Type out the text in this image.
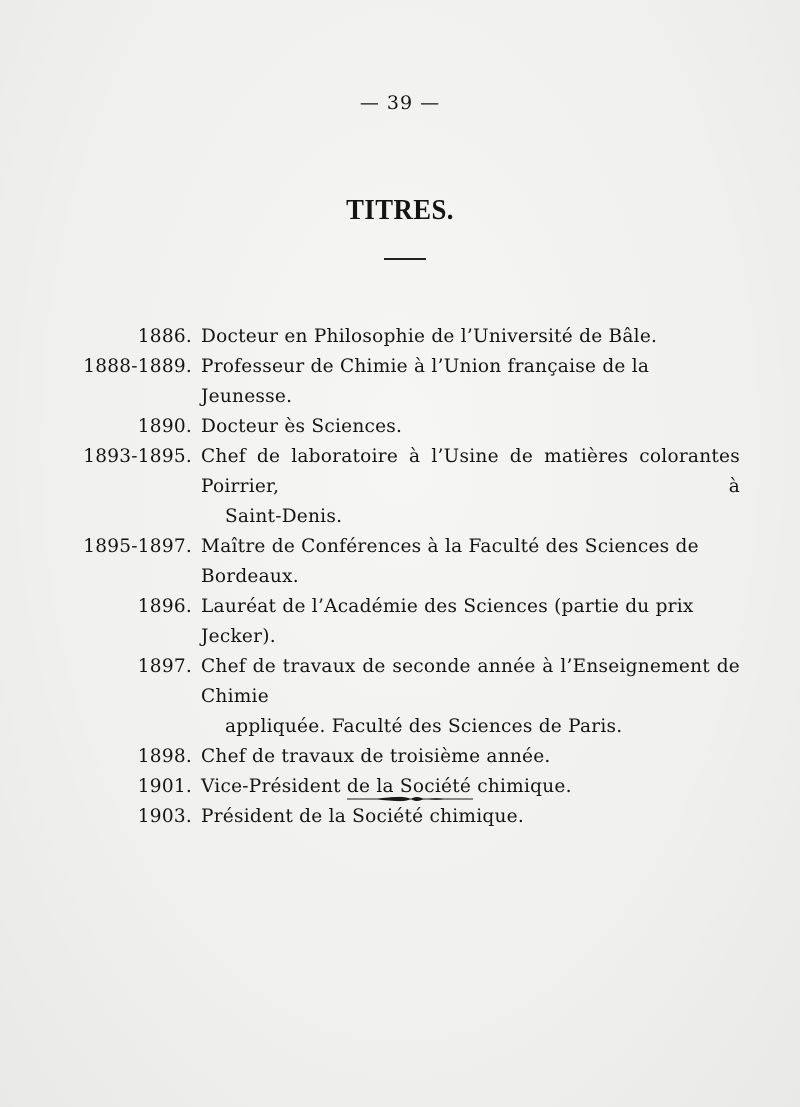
— 39 —
TITRES.
1886. Docteur en Philosophie de l’Université de Bâle.
1888-1889. Professeur de Chimie à l’Union française de la Jeunesse.
1890. Docteur ès Sciences.
1893-1895. Chef de laboratoire à l’Usine de matières colorantes Poirrier, à
Saint-Denis.
1895-1897. Maître de Conférences à la Faculté des Sciences de Bordeaux.
1896. Lauréat de l’Académie des Sciences (partie du prix Jecker).
1897. Chef de travaux de seconde année à l’Enseignement de Chimie
appliquée. Faculté des Sciences de Paris.
1898. Chef de travaux de troisième année.
1901. Vice-Président de la Société chimique.
1903. Président de la Société chimique.
